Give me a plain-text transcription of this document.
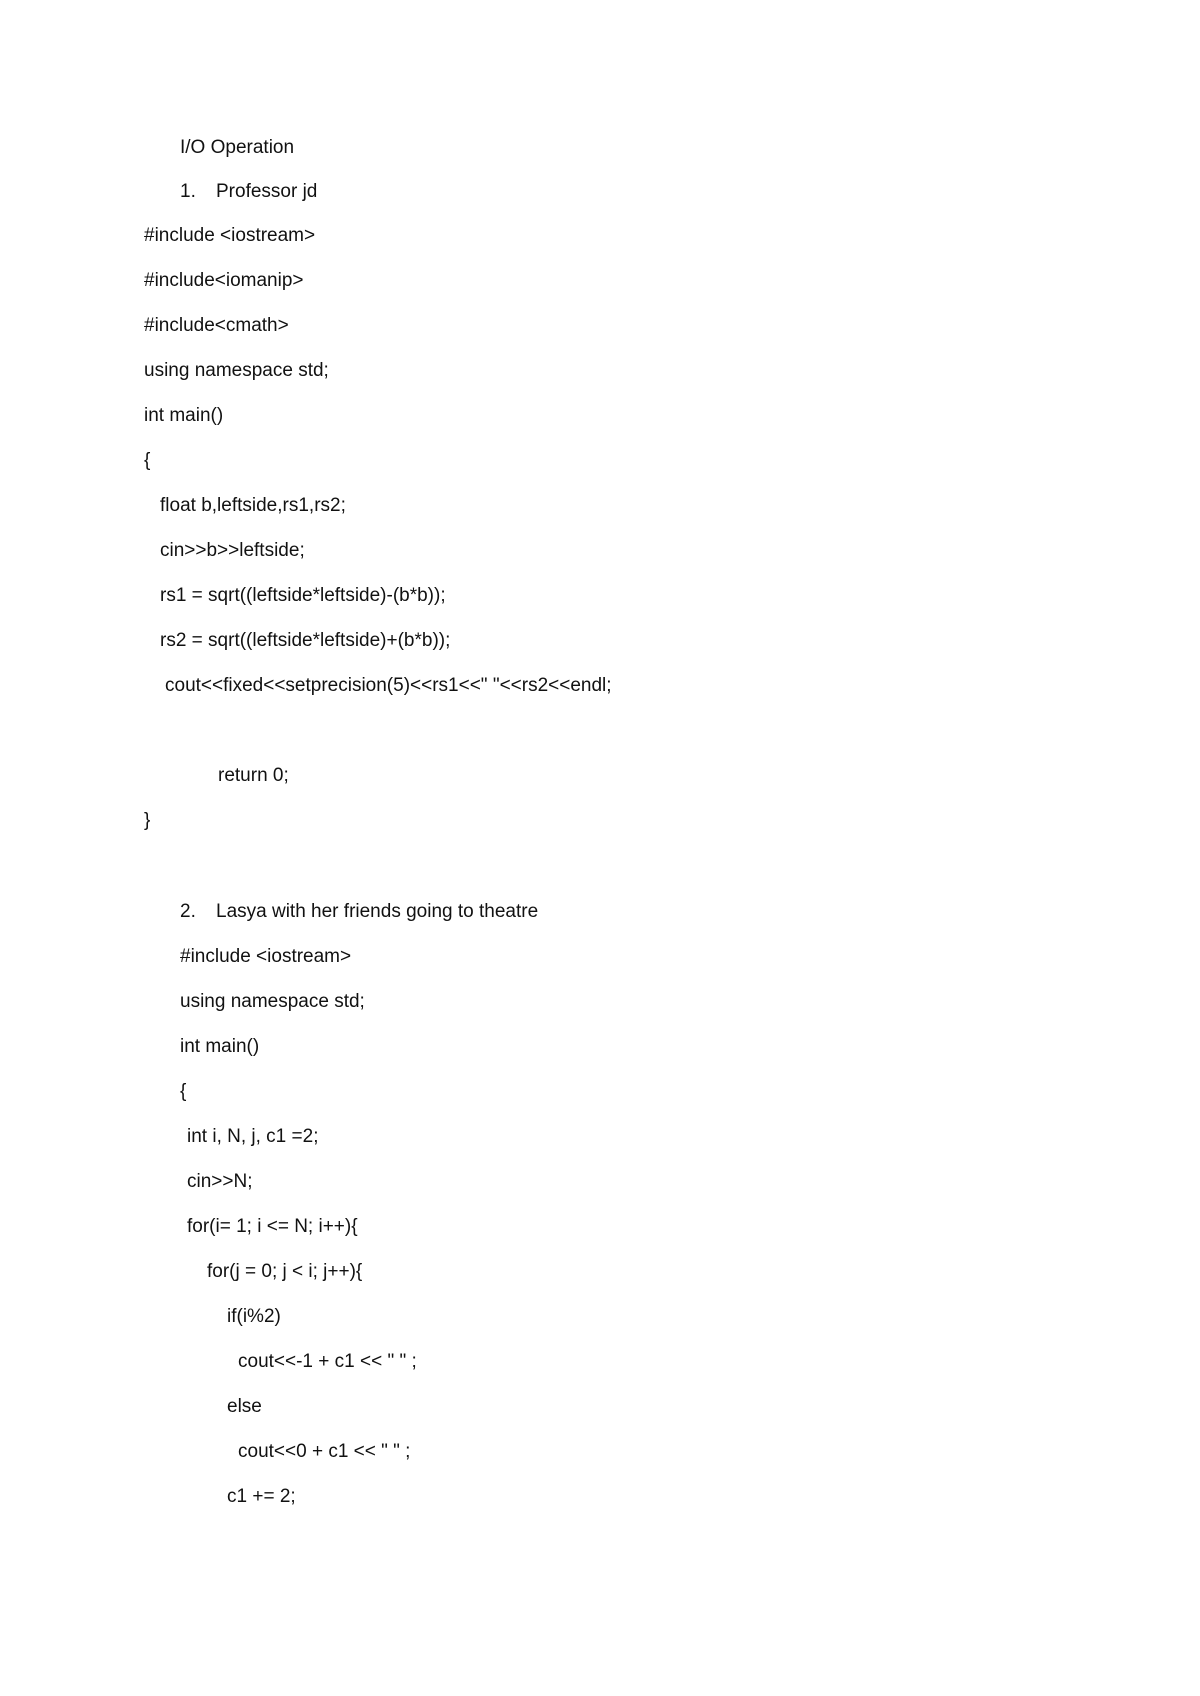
I/O Operation
1. Professor jd
#include <iostream>
#include<iomanip>
#include<cmath>
using namespace std;
int main()
{
float b,leftside,rs1,rs2;
cin>>b>>leftside;
rs1 = sqrt((leftside*leftside)-(b*b));
rs2 = sqrt((leftside*leftside)+(b*b));
cout<<fixed<<setprecision(5)<<rs1<<" "<<rs2<<endl;
return 0;
}
2. Lasya with her friends going to theatre
#include <iostream>
using namespace std;
int main()
{
int i, N, j, c1 =2;
cin>>N;
for(i= 1; i <= N; i++){
for(j = 0; j < i; j++){
if(i%2)
cout<<-1 + c1 << " " ;
else
cout<<0 + c1 << " " ;
c1 += 2;
